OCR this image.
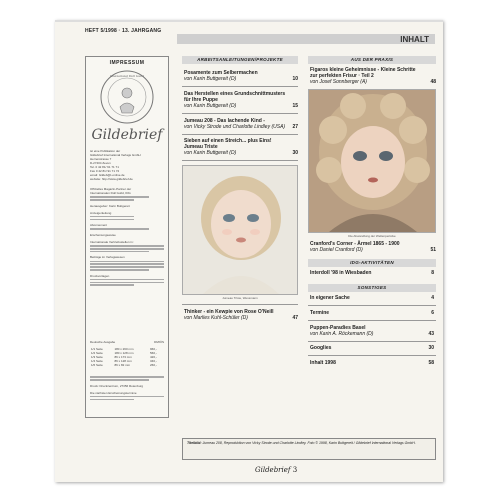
HEFT 5/1998 · 13. JAHRGANG
INHALT
IMPRESSUM
International Doll Guild
Gildebrief
ist eine Publikation der
Gildebrief International Verlags GmbH
Herrenstrasse 7
D-27404 Zeven
Tel. 0 42 81/ 91 71 71
Fax 0 42 81/ 91 71 72
email: Gildeb@t-online.de
website: http://www.gildebrief.de
Offizielles Magazin-Partner der
Internationalen Doll Guild, IDG
Herausgeber: Karin Buttgereit
Anzeigenleitung
Abonnement
Erscheinungsweise
Internationale Vertriebsstellen in:
Beiträge im Verlagswesen
Druckvorlagen
Deutsche Ausgabe	DM/ÖS
1/1 Seite	180 x 260 mm	960,-
1/2 Seite	180 x 128 mm	560,-
1/3 Seite	86 x 173 mm	420,-
1/4 Seite	86 x 128 mm	340,-
1/6 Seite	86 x 82 mm	260,-
Druck: Druckzentrum, 27356 Rotenburg
Die nächsten Erscheinungstermine
ARBEITSANLEITUNGEN/PROJEKTE
Posamente zum Selbermachen
von Karin Buttgereit (D)	10
Das Herstellen eines Grundschnittmusters für Ihre Puppe
von Karin Buttgereit (D)	15
Jumeau 208 - Das lachende Kind -
von Vicky Strode und Charlotte Lindley (USA) 27
Sieben auf einen Streich... plus Eins! Jumeau Triste
von Karin Buttgereit (D)	30
Jumeau Triste, Wessmann
Thinker - ein Kewpie von Rose O'Neill
von Marlies Kuhl-Schüler (D)	47
AUS DER PRAXIS
Figaros kleine Geheimnisse - Kleine Schritte zur perfekten Frisur · Teil 2
von Josef Sonnberger (A)	48
Die Abwandlung der Wellenperücke
Cranford's Corner - Ärmel 1865 - 1900
von Daniel Cranford (D)	51
IDG-AKTIVITÄTEN
Interdoll '98 in Wiesbaden	8
SONSTIGES
In eigener Sache	4
Termine	6
Puppen-Paradies Basel
von Karin A. Röckemann (D)	43
Googlies	30
Inhalt 1998	58
Titelbild: Jumeau 208, Reproduktion von Vicky Strode und Charlotte Lindley. Foto © 1998, Karin Buttgereit / Gildebrief International Verlags GmbH.
Gildebrief 3
